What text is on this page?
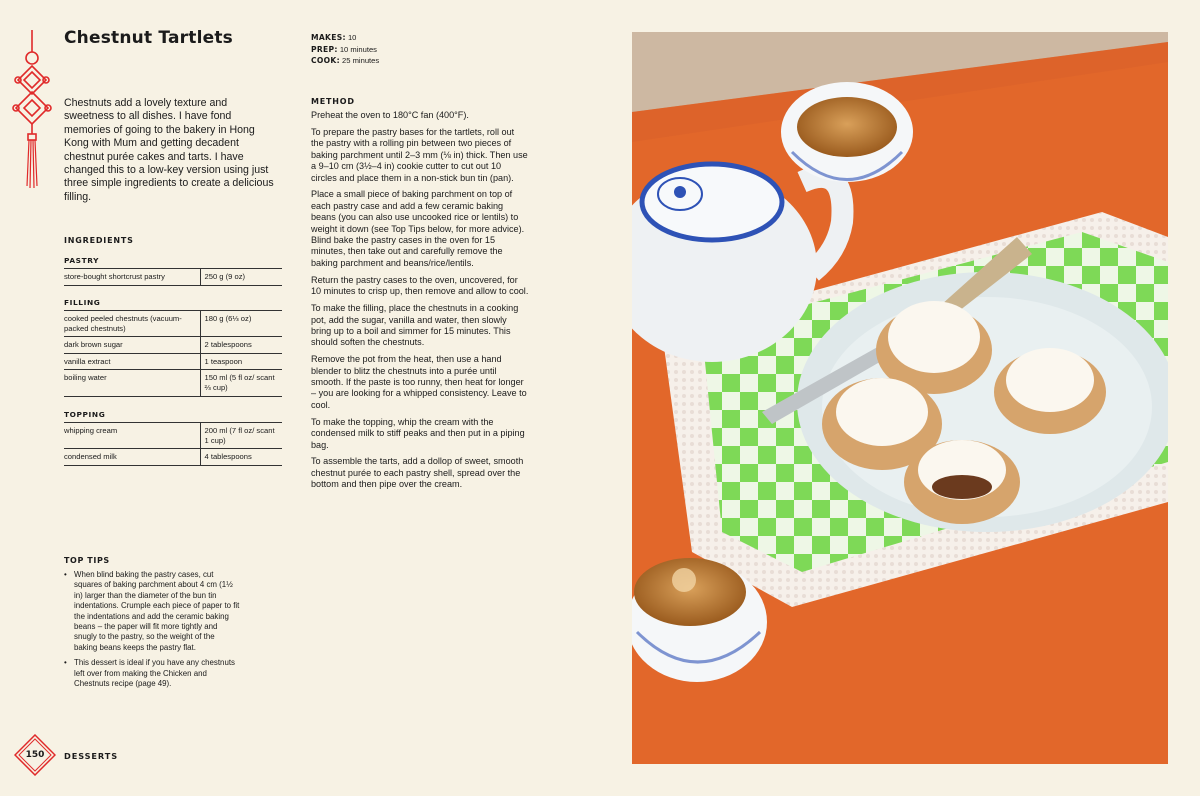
Chestnut Tartlets	MAKES: 10
PREP: 10 minutes
COOK: 25 minutes

Chestnuts add a lovely texture and sweetness to all dishes. I have fond memories of going to the bakery in Hong Kong with Mum and getting decadent chestnut purée cakes and tarts. I have changed this to a low-key version using just three simple ingredients to create a delicious filling.

INGREDIENTS
PASTRY
store-bought shortcrust pastry	250 g (9 oz)
FILLING
cooked peeled chestnuts (vacuum-packed chestnuts)	180 g (6⅓ oz)
dark brown sugar	2 tablespoons
vanilla extract	1 teaspoon
boiling water	150 ml (5 fl oz/ scant ⅔ cup)
TOPPING
whipping cream	200 ml (7 fl oz/ scant 1 cup)
condensed milk	4 tablespoons
METHOD

Preheat the oven to 180°C fan (400°F).

To prepare the pastry bases for the tartlets, roll out the pastry with a rolling pin between two pieces of baking parchment until 2–3 mm (⅛ in) thick. Then use a 9–10 cm (3½–4 in) cookie cutter to cut out 10 circles and place them in a non-stick bun tin (pan).

Place a small piece of baking parchment on top of each pastry case and add a few ceramic baking beans (you can also use uncooked rice or lentils) to weight it down (see Top Tips below, for more advice). Blind bake the pastry cases in the oven for 15 minutes, then take out and carefully remove the baking parchment and beans/rice/lentils.

Return the pastry cases to the oven, uncovered, for 10 minutes to crisp up, then remove and allow to cool.

To make the filling, place the chestnuts in a cooking pot, add the sugar, vanilla and water, then slowly bring up to a boil and simmer for 15 minutes. This should soften the chestnuts.

Remove the pot from the heat, then use a hand blender to blitz the chestnuts into a purée until smooth. If the paste is too runny, then heat for longer – you are looking for a whipped consistency. Leave to cool.

To make the topping, whip the cream with the condensed milk to stiff peaks and then put in a piping bag.

To assemble the tarts, add a dollop of sweet, smooth chestnut purée to each pastry shell, spread over the bottom and then pipe over the cream.

TOP TIPS
• When blind baking the pastry cases, cut squares of baking parchment about 4 cm (1½ in) larger than the diameter of the bun tin indentations. Crumple each piece of paper to fit the indentations and add the ceramic baking beans – the paper will fit more tightly and snugly to the pastry, so the weight of the baking beans keeps the pastry flat.
• This dessert is ideal if you have any chestnuts left over from making the Chicken and Chestnuts recipe (page 49).
150	DESSERTS
